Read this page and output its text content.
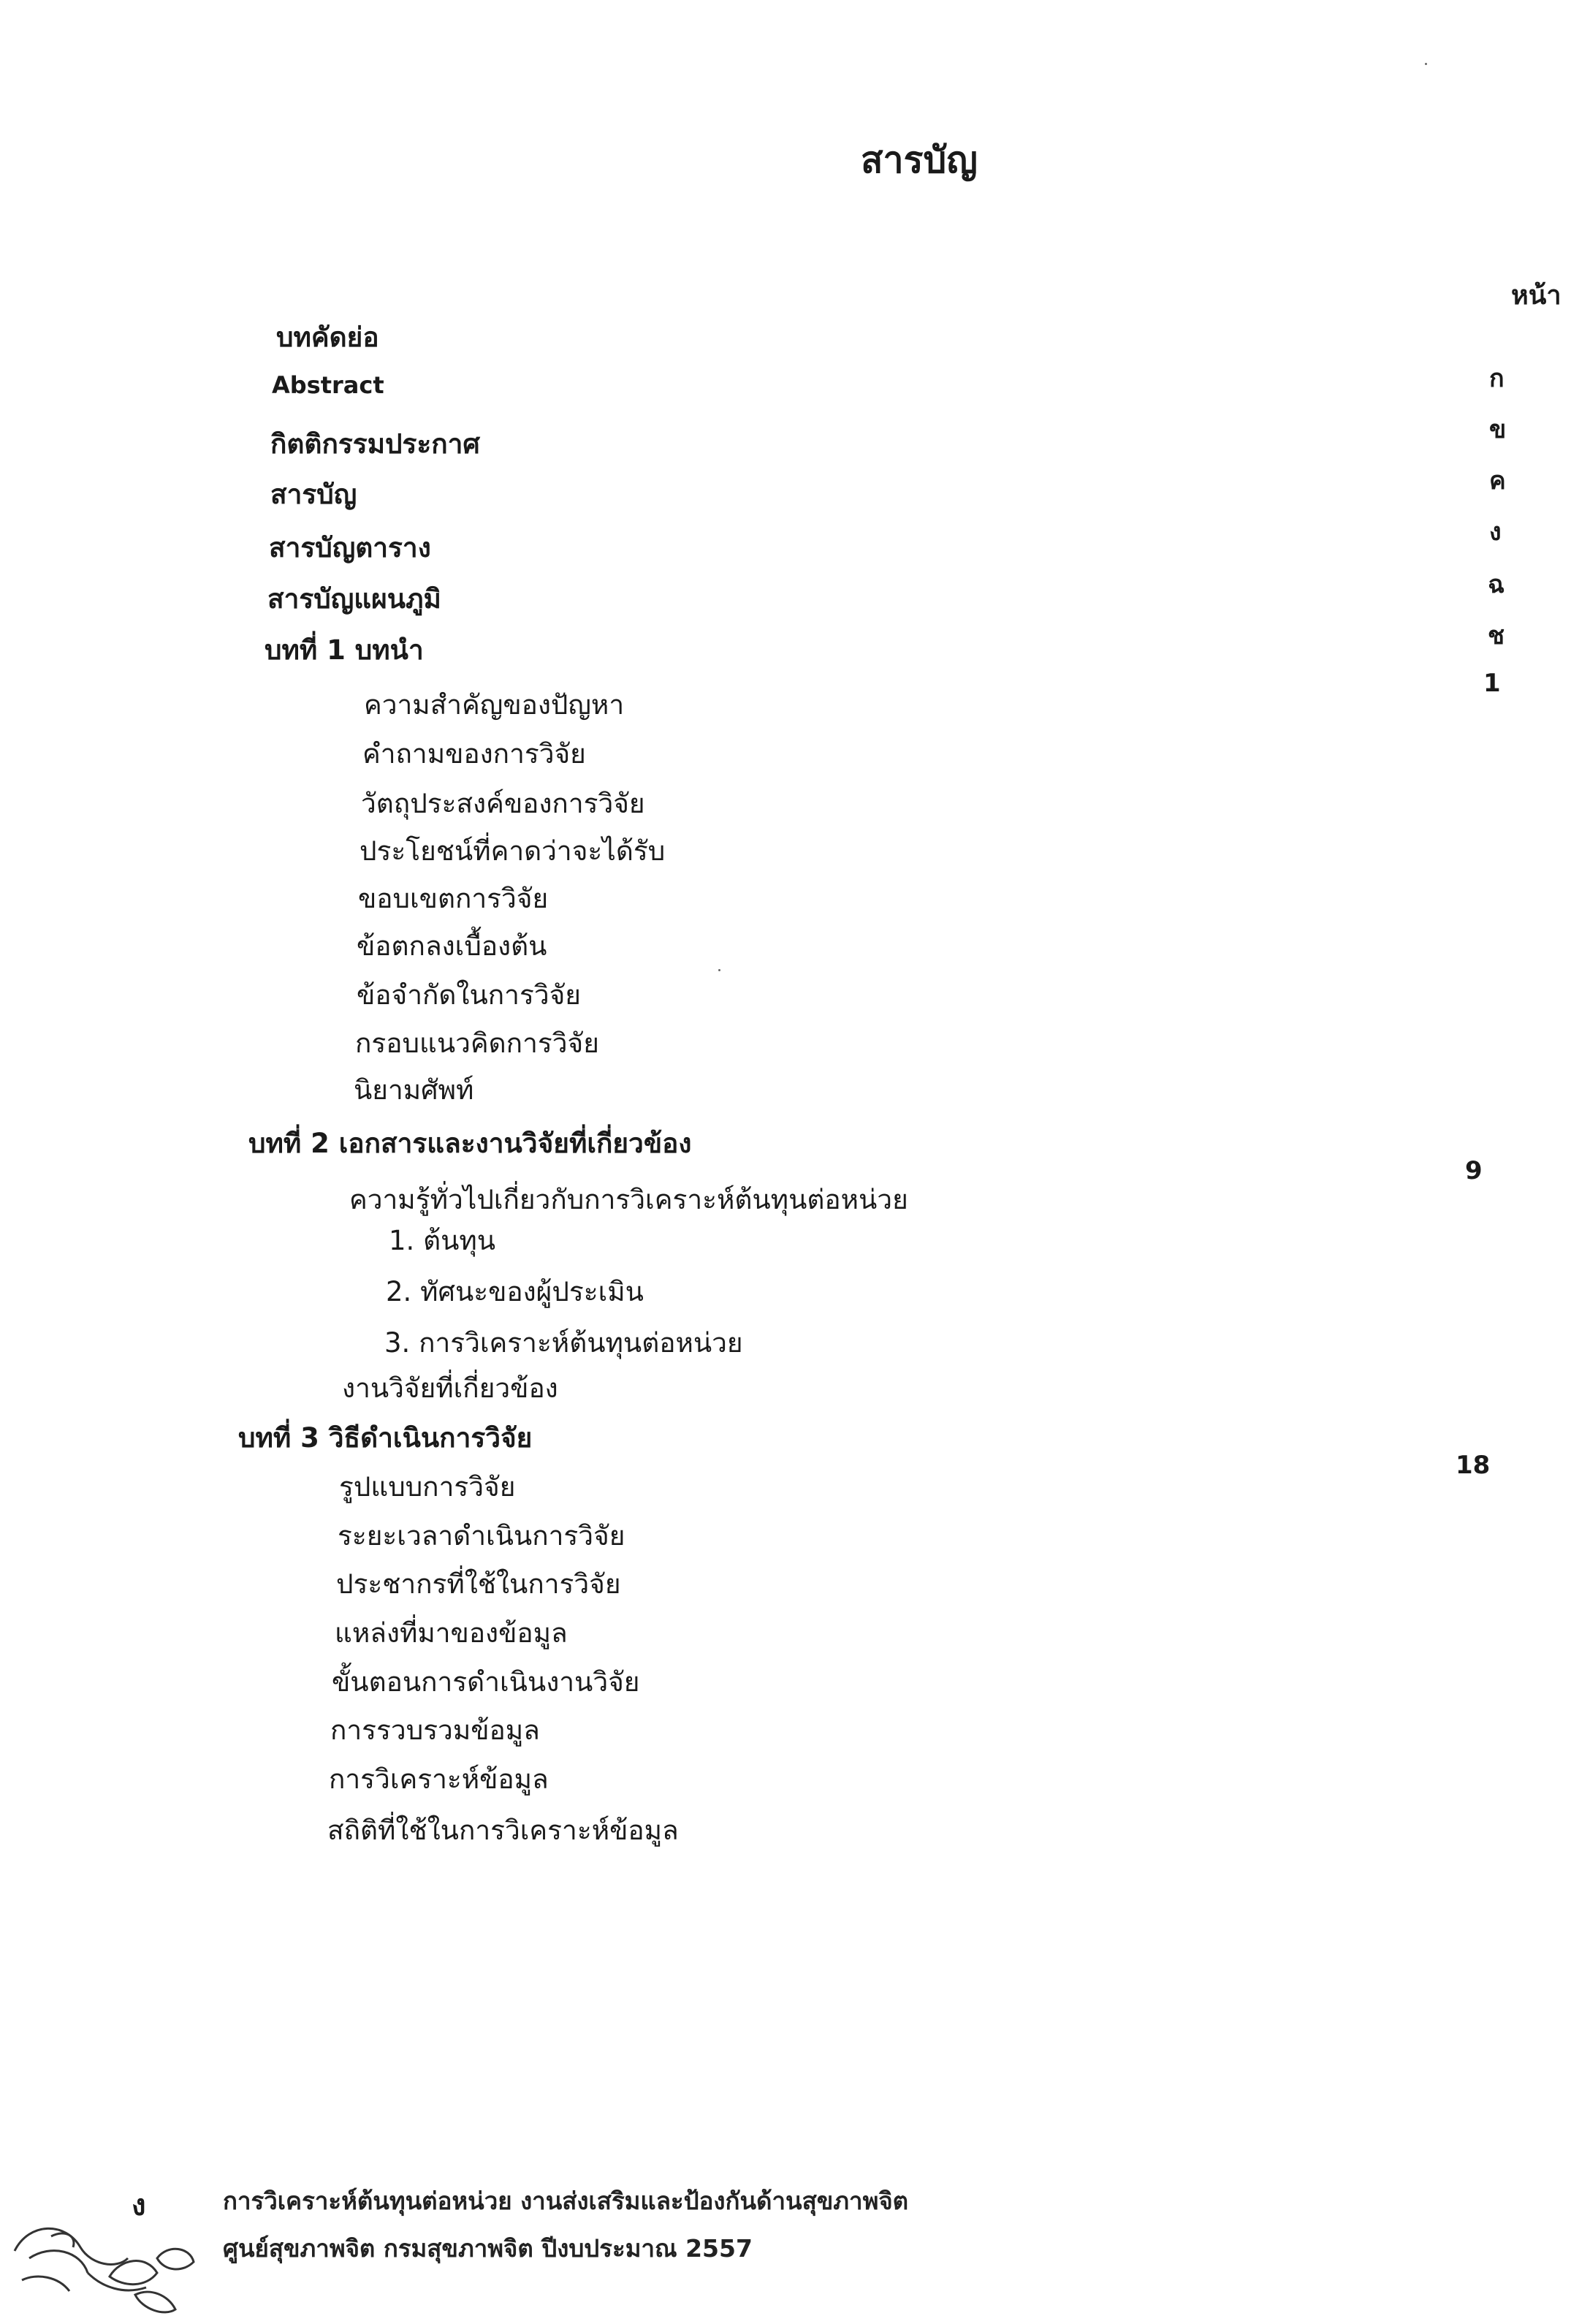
สารบัญ
หน้า
บทคัดย่อ
Abstract
กิตติกรรมประกาศ
สารบัญ
สารบัญตาราง
สารบัญแผนภูมิ
ก
ข
ค
ง
ฉ
ช
บทที่ 1 บทนำ
1
ความสำคัญของปัญหา
คำถามของการวิจัย
วัตถุประสงค์ของการวิจัย
ประโยชน์ที่คาดว่าจะได้รับ
ขอบเขตการวิจัย
ข้อตกลงเบื้องต้น
ข้อจำกัดในการวิจัย
กรอบแนวคิดการวิจัย
นิยามศัพท์
บทที่ 2 เอกสารและงานวิจัยที่เกี่ยวข้อง
9
ความรู้ทั่วไปเกี่ยวกับการวิเคราะห์ต้นทุนต่อหน่วย
1. ต้นทุน
2. ทัศนะของผู้ประเมิน
3. การวิเคราะห์ต้นทุนต่อหน่วย
งานวิจัยที่เกี่ยวข้อง
บทที่ 3 วิธีดำเนินการวิจัย
18
รูปแบบการวิจัย
ระยะเวลาดำเนินการวิจัย
ประชากรที่ใช้ในการวิจัย
แหล่งที่มาของข้อมูล
ขั้นตอนการดำเนินงานวิจัย
การรวบรวมข้อมูล
การวิเคราะห์ข้อมูล
สถิติที่ใช้ในการวิเคราะห์ข้อมูล
ง	การวิเคราะห์ต้นทุนต่อหน่วย งานส่งเสริมและป้องกันด้านสุขภาพจิต
ศูนย์สุขภาพจิต กรมสุขภาพจิต ปีงบประมาณ 2557
